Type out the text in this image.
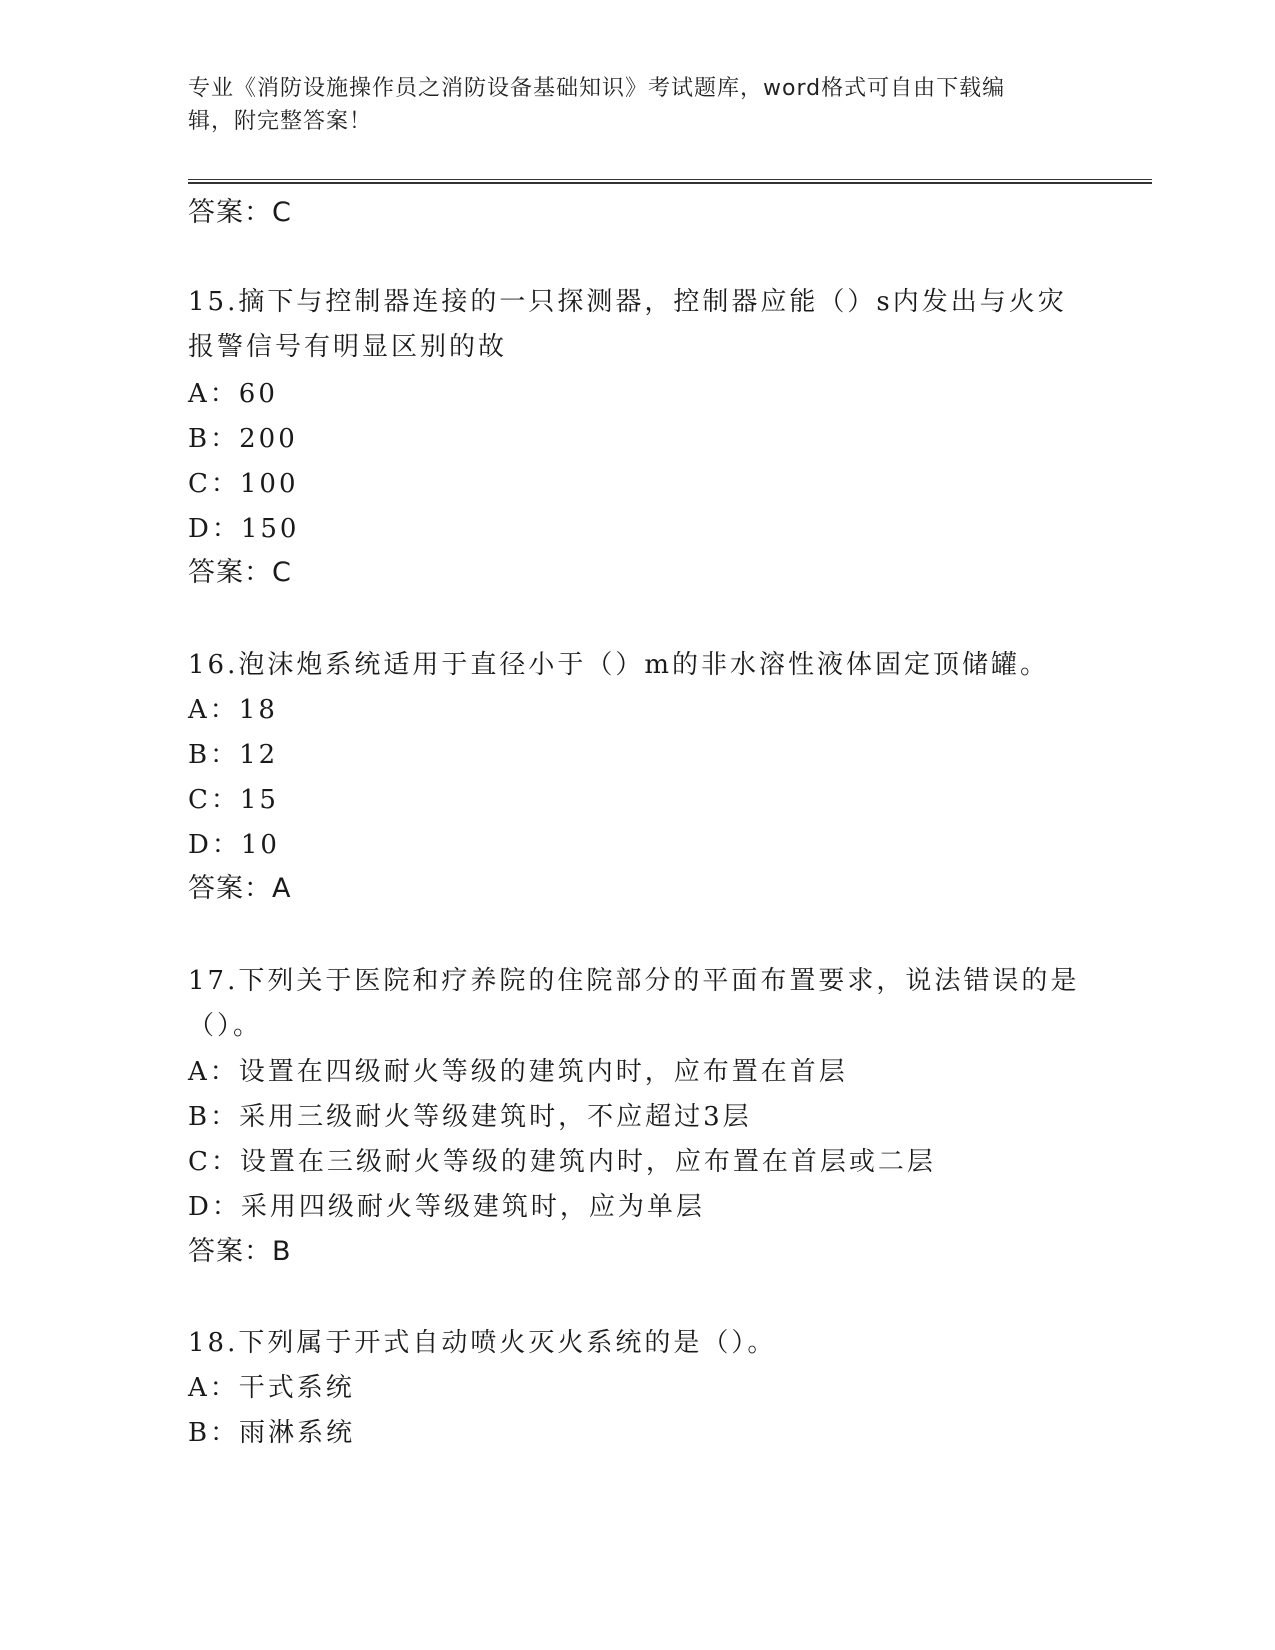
专业《消防设施操作员之消防设备基础知识》考试题库，word格式可自由下载编
辑，附完整答案！
答案：C
15.摘下与控制器连接的一只探测器，控制器应能（）s内发出与火灾
报警信号有明显区别的故
A：60
B：200
C：100
D：150
答案：C
16.泡沫炮系统适用于直径小于（）m的非水溶性液体固定顶储罐。
A：18
B：12
C：15
D：10
答案：A
17.下列关于医院和疗养院的住院部分的平面布置要求，说法错误的是
（）。
A：设置在四级耐火等级的建筑内时，应布置在首层
B：采用三级耐火等级建筑时，不应超过3层
C：设置在三级耐火等级的建筑内时，应布置在首层或二层
D：采用四级耐火等级建筑时，应为单层
答案：B
18.下列属于开式自动喷火灭火系统的是（）。
A：干式系统
B：雨淋系统
